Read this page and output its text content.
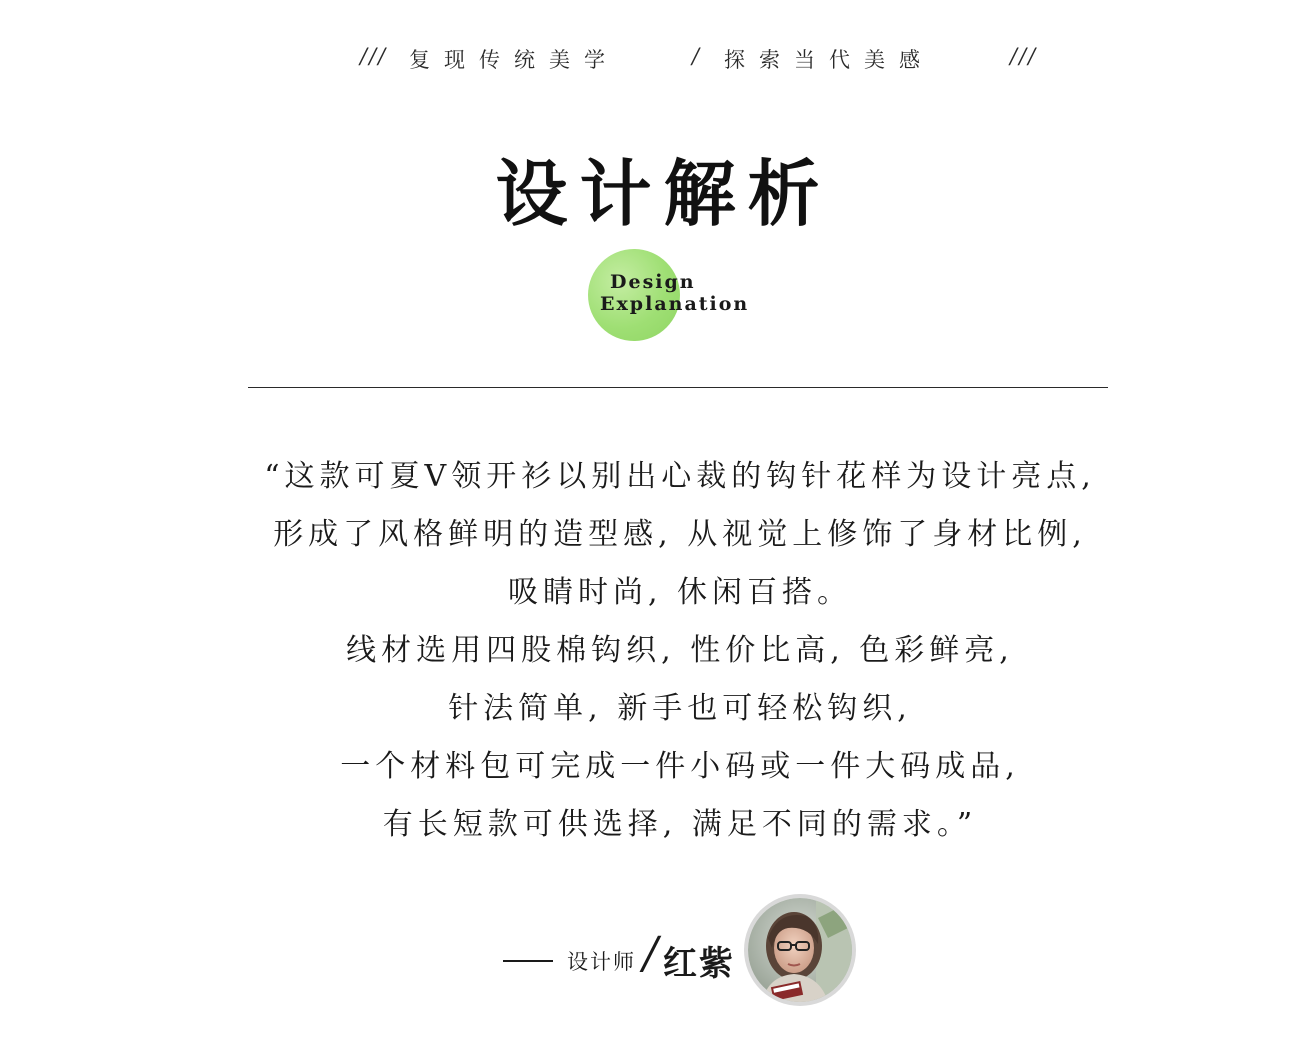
/// 复现传统美学	/ 探索当代美感	///
设计解析
Design
Explanation
“这款可夏V领开衫以别出心裁的钩针花样为设计亮点,
形成了风格鲜明的造型感, 从视觉上修饰了身材比例,
吸睛时尚, 休闲百搭。
线材选用四股棉钩织, 性价比高, 色彩鲜亮,
针法简单, 新手也可轻松钩织,
一个材料包可完成一件小码或一件大码成品,
有长短款可供选择, 满足不同的需求。”
设计师 / 红紫
